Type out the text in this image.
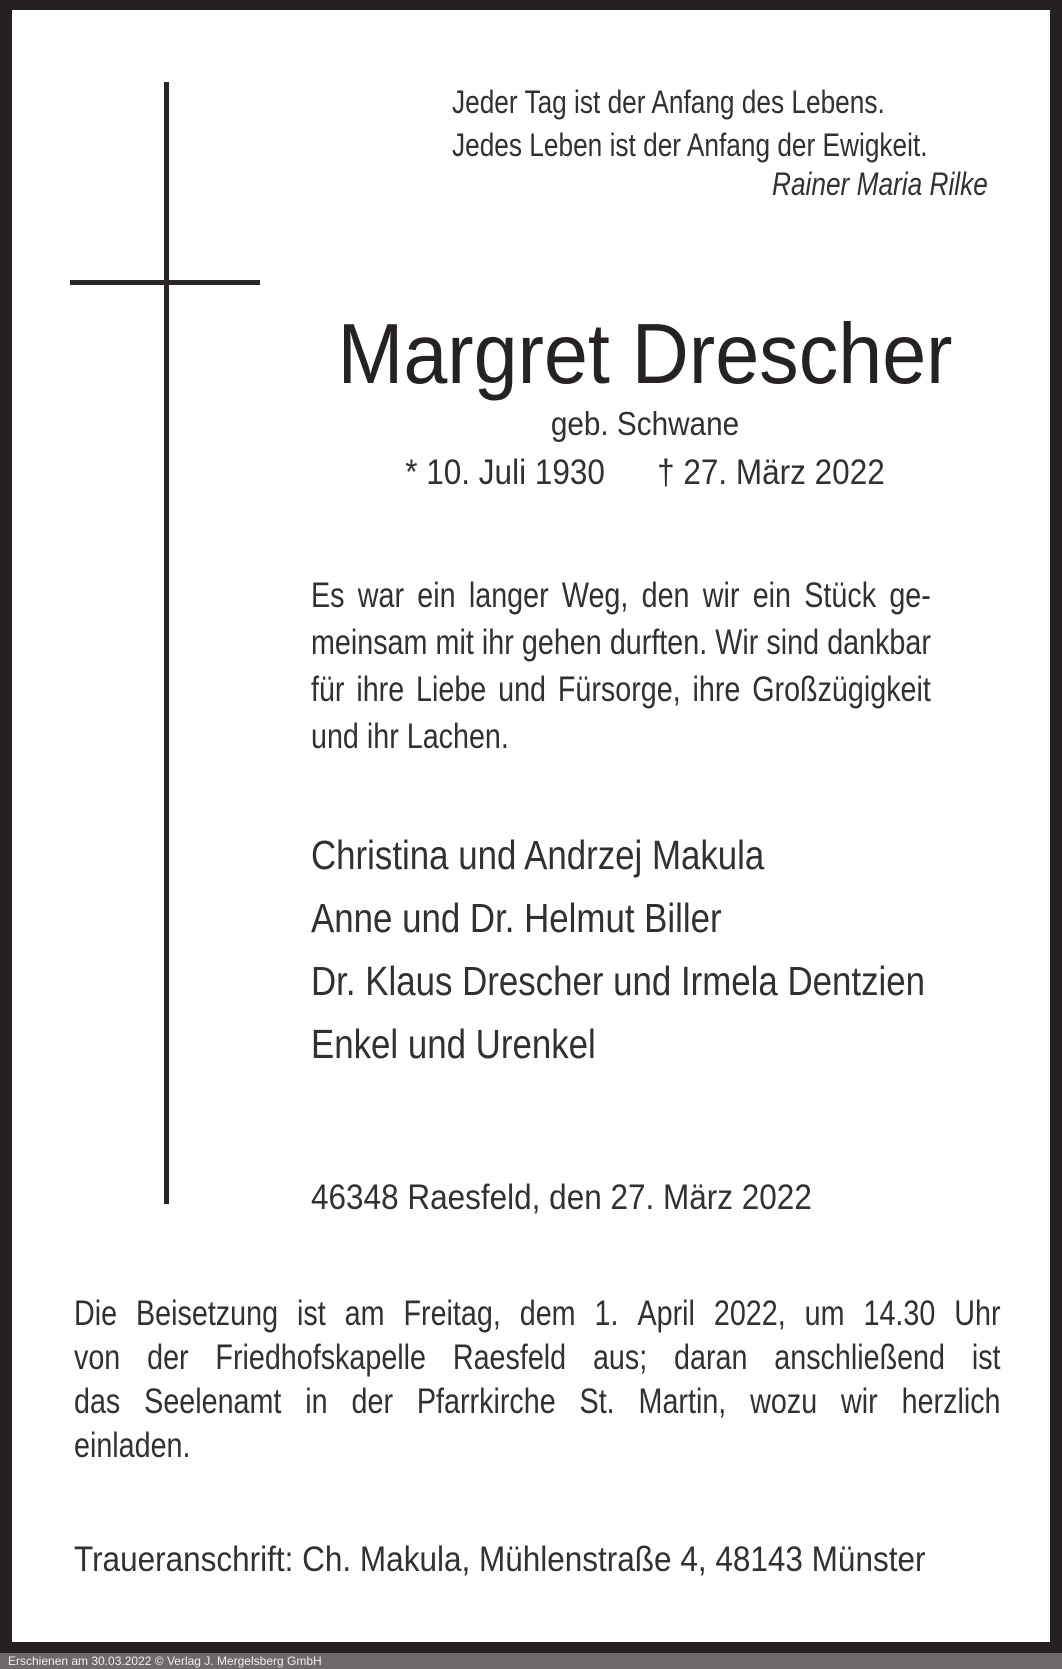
Jeder Tag ist der Anfang des Lebens.
Jedes Leben ist der Anfang der Ewigkeit.
Rainer Maria Rilke
Margret Drescher
geb. Schwane
* 10. Juli 1930 † 27. März 2022
Es war ein langer Weg, den wir ein Stück ge-
meinsam mit ihr gehen durften. Wir sind dankbar
für ihre Liebe und Fürsorge, ihre Großzügigkeit
und ihr Lachen.
Christina und Andrzej Makula
Anne und Dr. Helmut Biller
Dr. Klaus Drescher und Irmela Dentzien
Enkel und Urenkel
46348 Raesfeld, den 27. März 2022
Die Beisetzung ist am Freitag, dem 1. April 2022, um 14.30 Uhr
von der Friedhofskapelle Raesfeld aus; daran anschließend ist
das Seelenamt in der Pfarrkirche St. Martin, wozu wir herzlich
einladen.
Traueranschrift: Ch. Makula, Mühlenstraße 4, 48143 Münster
Erschienen am 30.03.2022 © Verlag J. Mergelsberg GmbH
